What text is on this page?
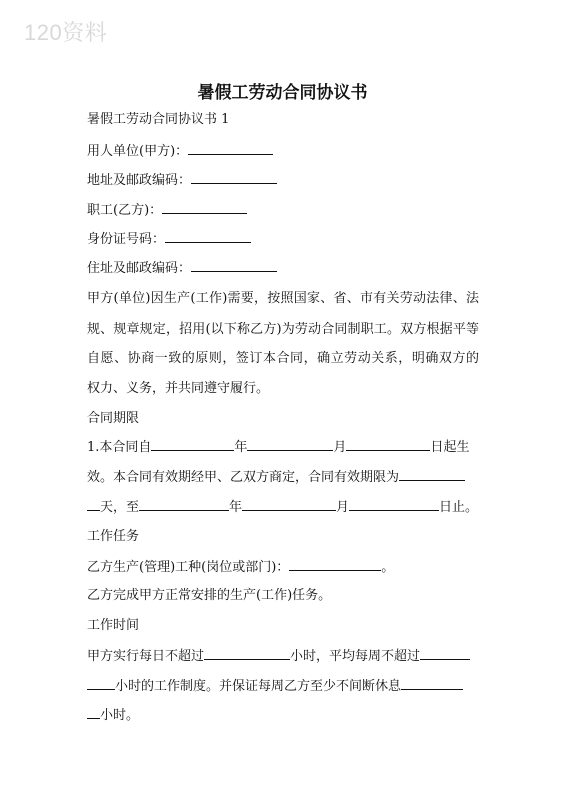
120资料
暑假工劳动合同协议书
暑假工劳动合同协议书 1
用人单位(甲方)：
地址及邮政编码：
职工(乙方)：
身份证号码：
住址及邮政编码：
甲方(单位)因生产(工作)需要，按照国家、省、市有关劳动法律、法
规、规章规定，招用(以下称乙方)为劳动合同制职工。双方根据平等
自愿、协商一致的原则，签订本合同，确立劳动关系，明确双方的
权力、义务，并共同遵守履行。
合同期限
1.本合同自	年	月	日起生
效。本合同有效期经甲、乙双方商定，合同有效期限为
天，至	年	月	日止。
工作任务
乙方生产(管理)工种(岗位或部门)：	。
乙方完成甲方正常安排的生产(工作)任务。
工作时间
甲方实行每日不超过	小时，平均每周不超过
小时的工作制度。并保证每周乙方至少不间断休息
小时。
